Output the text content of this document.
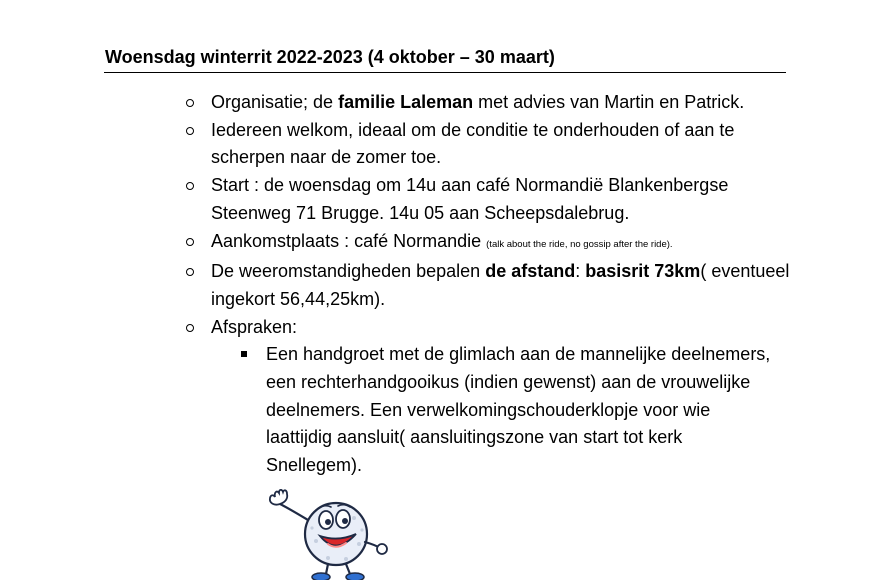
Woensdag winterrit 2022-2023 (4 oktober – 30 maart)
Organisatie; de familie Laleman met advies van Martin en Patrick.
Iedereen welkom, ideaal om de conditie te onderhouden of aan te scherpen naar de zomer toe.
Start : de woensdag om 14u aan café Normandië Blankenbergse Steenweg 71 Brugge. 14u 05 aan Scheepsdalebrug.
Aankomstplaats : café Normandie (talk about the ride, no gossip after the ride).
De weeromstandigheden bepalen de afstand: basisrit 73km( eventueel ingekort 56,44,25km).
Afspraken:
Een handgroet met de glimlach aan de mannelijke deelnemers, een rechterhandgooikus (indien gewenst) aan de vrouwelijke deelnemers. Een verwelkomingschouderklopje voor wie laattijdig aansluit( aansluitingszone van start tot kerk Snellegem).
